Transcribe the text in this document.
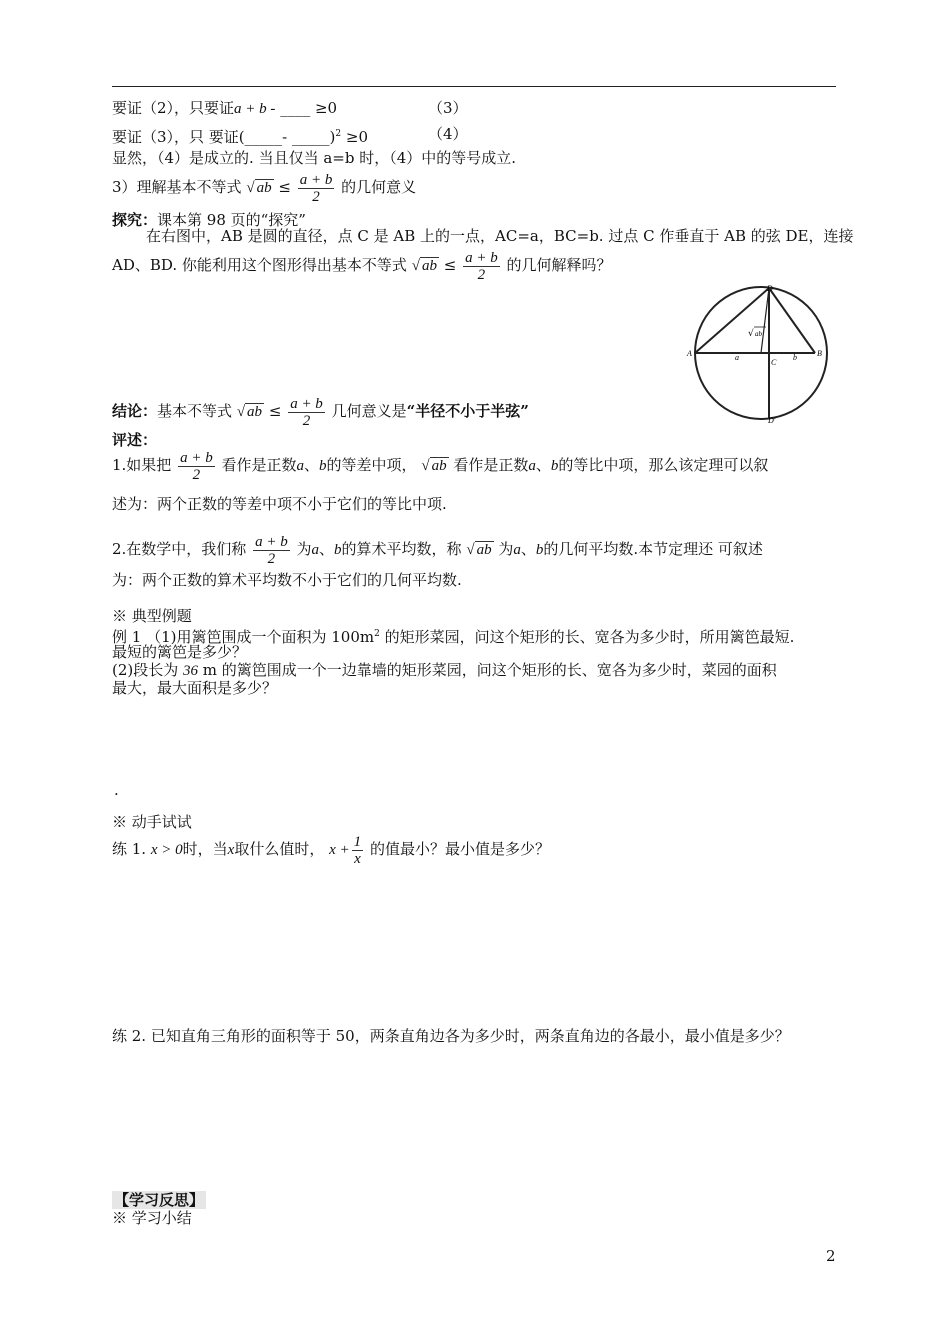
要证（2），只要证a + b - ____ ≥0	（3）
要证（3），只 要证(_____- _____)$^2$ ≥0	（4）
显然，（4）是成立的. 当且仅当 a=b 时，（4）中的等号成立.
3）理解基本不等式 √ ab ≤ $\frac{a + b}{2}$ 的几何意义
探究：课本第 98 页的“探究”
在右图中，AB 是圆的直径，点 C 是 AB 上的一点，AC=a，BC=b. 过点 C 作垂直于 AB 的弦 DE，连接
AD、BD. 你能利用这个图形得出基本不等式 √ ab ≤ $\frac{a + b}{2}$ 的几何解释吗？
A	B
C
D
D′
a	b
√ ab
结论：基本不等式 √ ab ≤ $\frac{a + b}{2}$ 几何意义是“半径不小于半弦”
评述：
1.如果把 $\frac{a + b}{2}$ 看作是正数a、b的等差中项， √ ab 看作是正数a、b的等比中项，那么该定理可以叙
述为：两个正数的等差中项不小于它们的等比中项.
2.在数学中，我们称 $\frac{a + b}{2}$ 为a、b的算术平均数，称 √ ab 为a、b的几何平均数.本节定理还 可叙述
为：两个正数的算术平均数不小于它们的几何平均数.
※ 典型例题
例 1 （1)用篱笆围成一个面积为 $100m^2$ 的矩形菜园，问这个矩形的长、宽各为多少时，所用篱笆最短.
最短的篱笆是多少？
(2)段长为 36 m 的篱笆围成一个一边靠墙的矩形菜园，问这个矩形的长、宽各为多少时，菜园的面积
最大，最大面积是多少？
.
※ 动手试试
练 1. x > 0时，当x取什么值时， $x + \frac{1}{x}$ 的值最小？最小值是多少？
练 2. 已知直角三角形的面积等于 50，两条直角边各为多少时，两条直角边的各最小，最小值是多少？
【学习反思】
※ 学习小结
2
